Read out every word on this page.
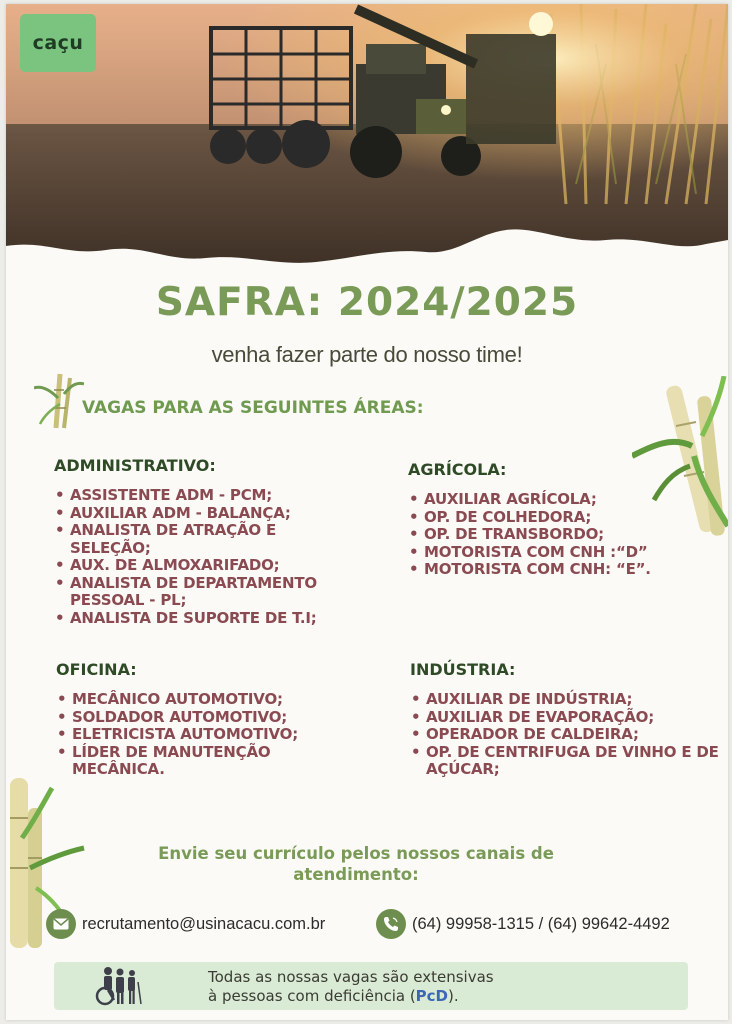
caçu
SAFRA: 2024/2025
venha fazer parte do nosso time!
VAGAS PARA AS SEGUINTES ÁREAS:
ADMINISTRATIVO:
• ASSISTENTE ADM - PCM;
• AUXILIAR ADM - BALANÇA;
• ANALISTA DE ATRAÇÃO E SELEÇÃO;
• AUX. DE ALMOXARIFADO;
• ANALISTA DE DEPARTAMENTO PESSOAL - PL;
• ANALISTA DE SUPORTE DE T.I;
AGRÍCOLA:
• AUXILIAR AGRÍCOLA;
• OP. DE COLHEDORA;
• OP. DE TRANSBORDO;
• MOTORISTA COM CNH :“D”
• MOTORISTA COM CNH: “E”.
OFICINA:
• MECÂNICO AUTOMOTIVO;
• SOLDADOR AUTOMOTIVO;
• ELETRICISTA AUTOMOTIVO;
• LÍDER DE MANUTENÇÃO MECÂNICA.
INDÚSTRIA:
• AUXILIAR DE INDÚSTRIA;
• AUXILIAR DE EVAPORAÇÃO;
• OPERADOR DE CALDEIRA;
• OP. DE CENTRIFUGA DE VINHO E DE AÇÚCAR;
Envie seu currículo pelos nossos canais de
atendimento:
recrutamento@usinacacu.com.br	(64) 99958-1315 / (64) 99642-4492
Todas as nossas vagas são extensivas
à pessoas com deficiência (PcD).
